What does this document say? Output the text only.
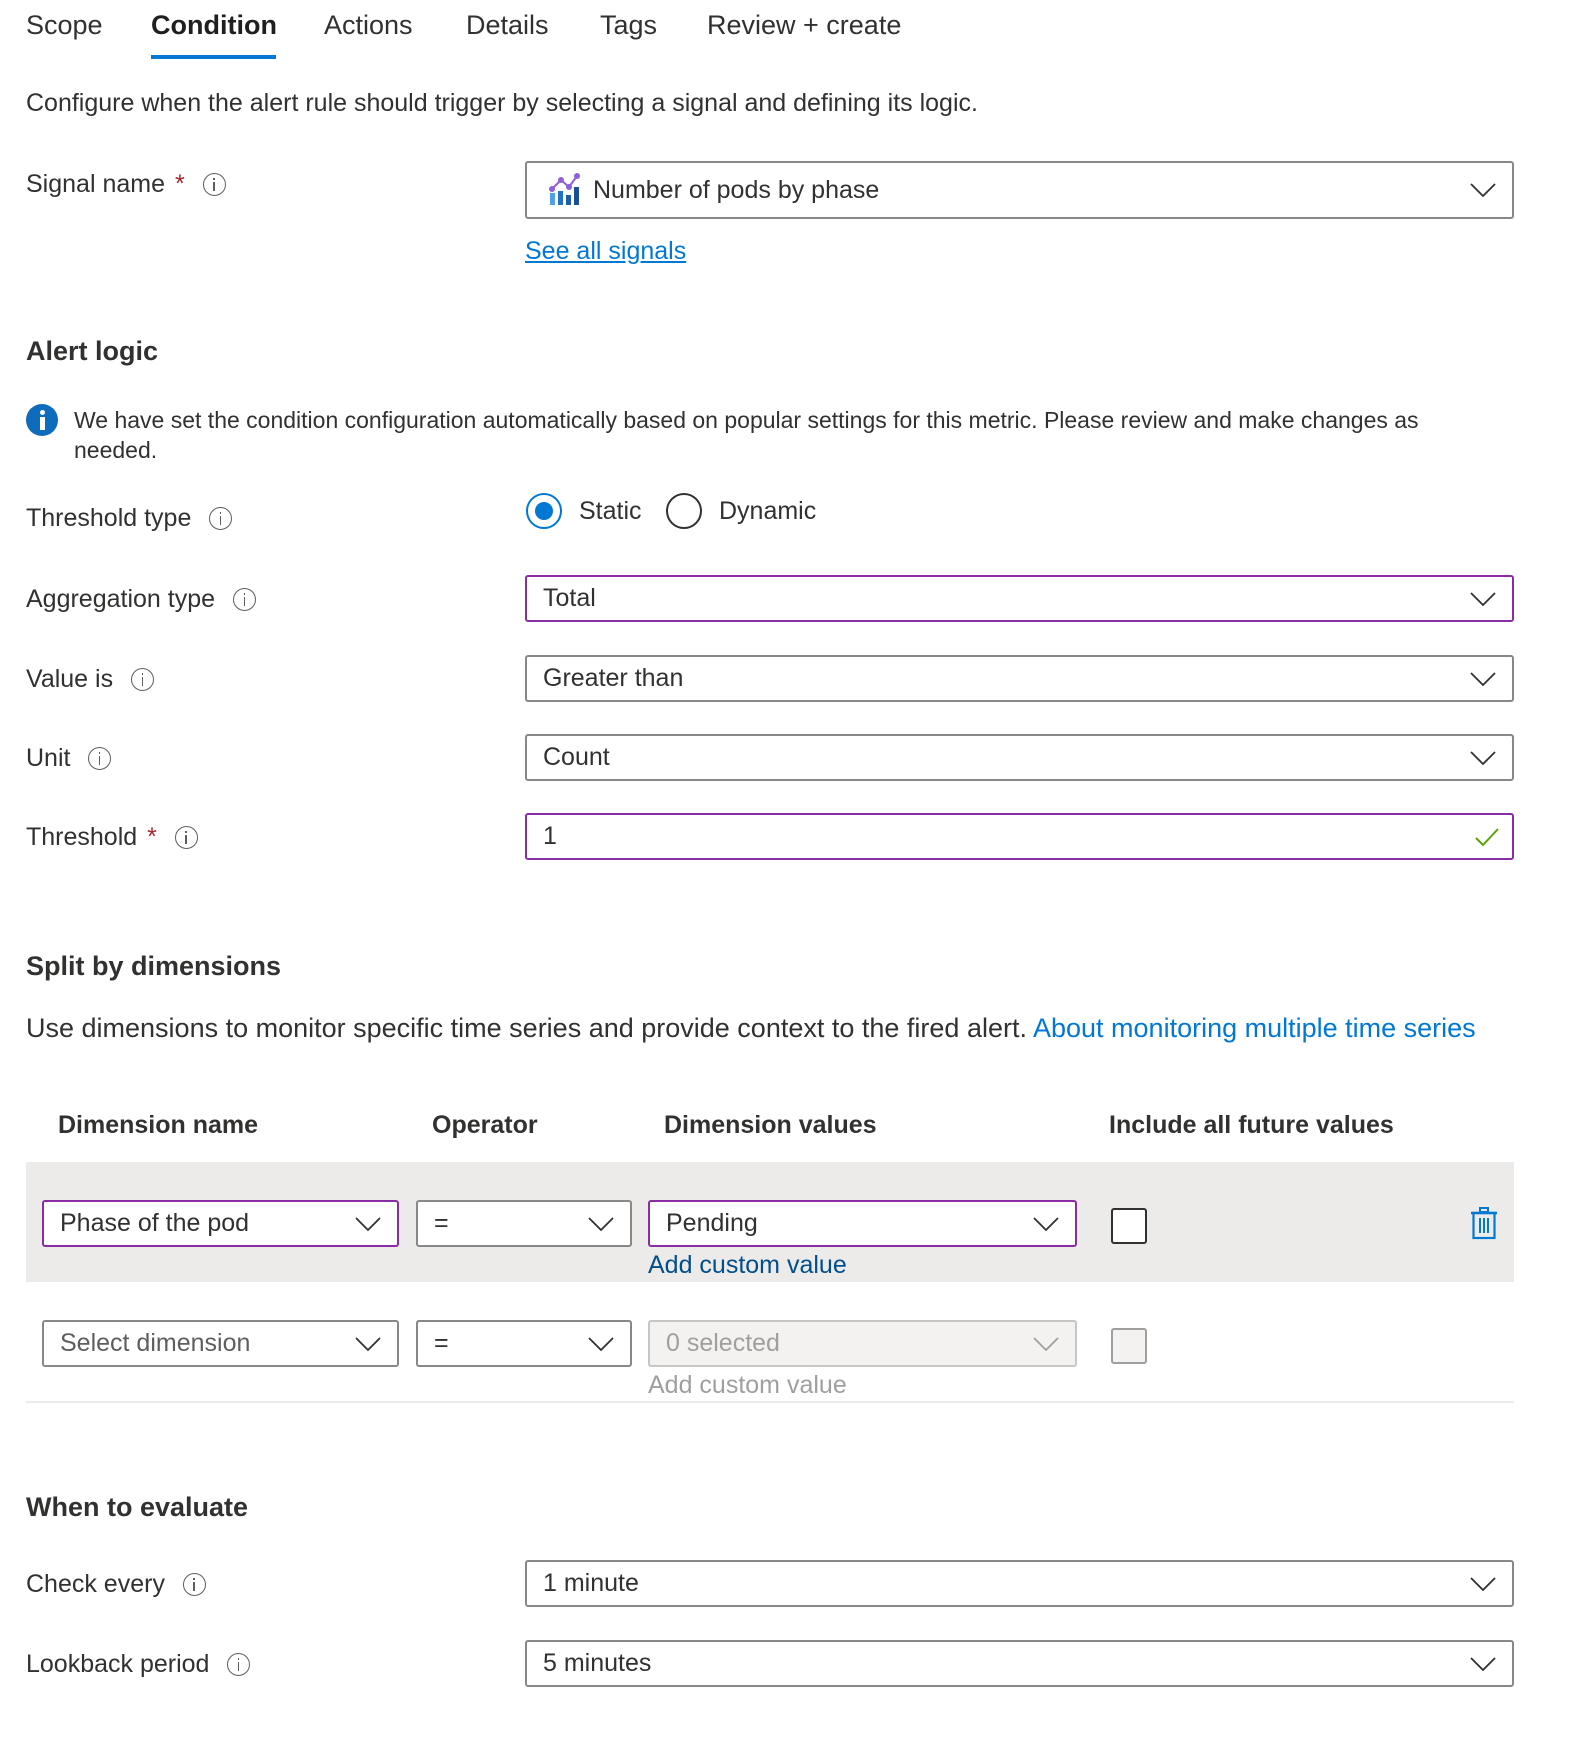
Scope Condition Actions Details Tags Review + create
Configure when the alert rule should trigger by selecting a signal and defining its logic.
Signal name *	Number of pods by phase
See all signals
Alert logic
We have set the condition configuration automatically based on popular settings for this metric. Please review and make changes as needed.
Threshold type	Static	Dynamic
Aggregation type	Total
Value is	Greater than
Unit	Count
Threshold *	1
Split by dimensions
Use dimensions to monitor specific time series and provide context to the fired alert. About monitoring multiple time series
Dimension name	Operator	Dimension values	Include all future values
Phase of the pod	=	Pending
Add custom value
Select dimension	=	0 selected
Add custom value
When to evaluate
Check every	1 minute
Lookback period	5 minutes
